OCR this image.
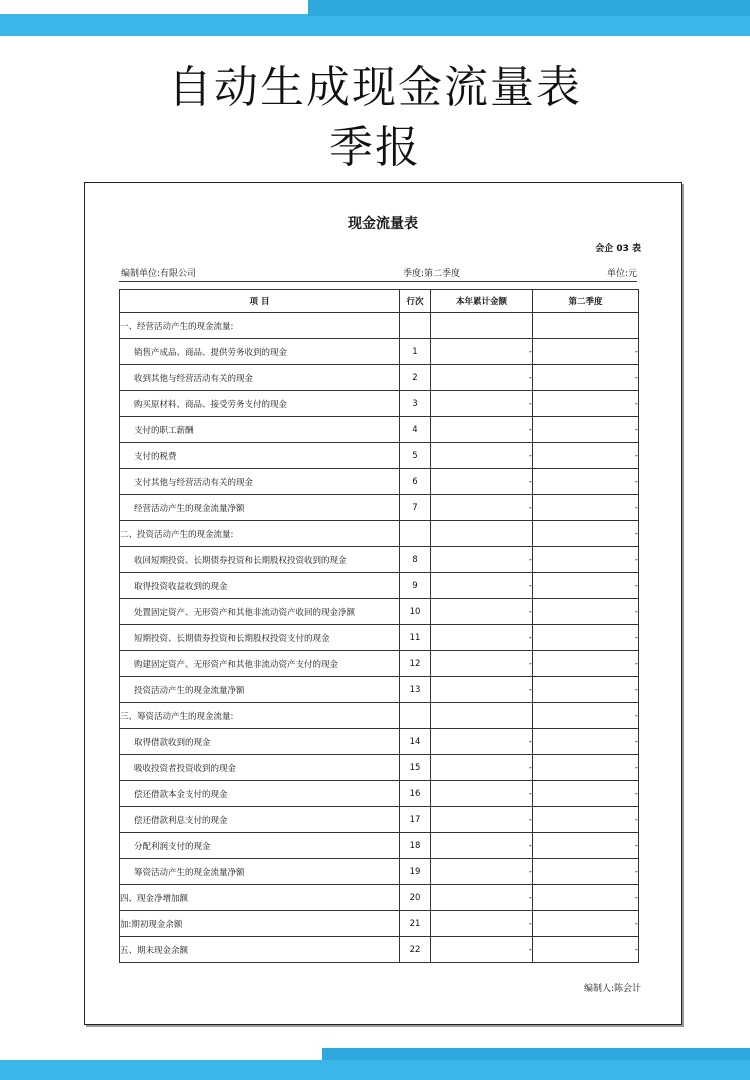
自动生成现金流量表
季报
现金流量表
会企 03 表
编制单位:有限公司	季度:第二季度	单位:元
项 目	行次	本年累计金额	第二季度
一、经营活动产生的现金流量:			
销售产成品、商品、提供劳务收到的现金	1	-	-
收到其他与经营活动有关的现金	2	-	-
购买原材料、商品、接受劳务支付的现金	3	-	-
支付的职工薪酬	4	-	-
支付的税费	5	-	-
支付其他与经营活动有关的现金	6	-	-
经营活动产生的现金流量净额	7	-	-
二、投资活动产生的现金流量:			-
收回短期投资、长期债券投资和长期股权投资收到的现金	8	-	-
取得投资收益收到的现金	9	-	-
处置固定资产、无形资产和其他非流动资产收回的现金净额	10	-	-
短期投资、长期债券投资和长期股权投资支付的现金	11	-	-
购建固定资产、无形资产和其他非流动资产支付的现金	12	-	-
投资活动产生的现金流量净额	13	-	-
三、筹资活动产生的现金流量:			-
取得借款收到的现金	14	-	-
吸收投资者投资收到的现金	15	-	-
偿还借款本金支付的现金	16	-	-
偿还借款利息支付的现金	17	-	-
分配利润支付的现金	18	-	-
筹资活动产生的现金流量净额	19	-	-
四、现金净增加额	20	-	-
加:期初现金余额	21	-	-
五、期末现金余额	22	-	-
编制人:陈会计
